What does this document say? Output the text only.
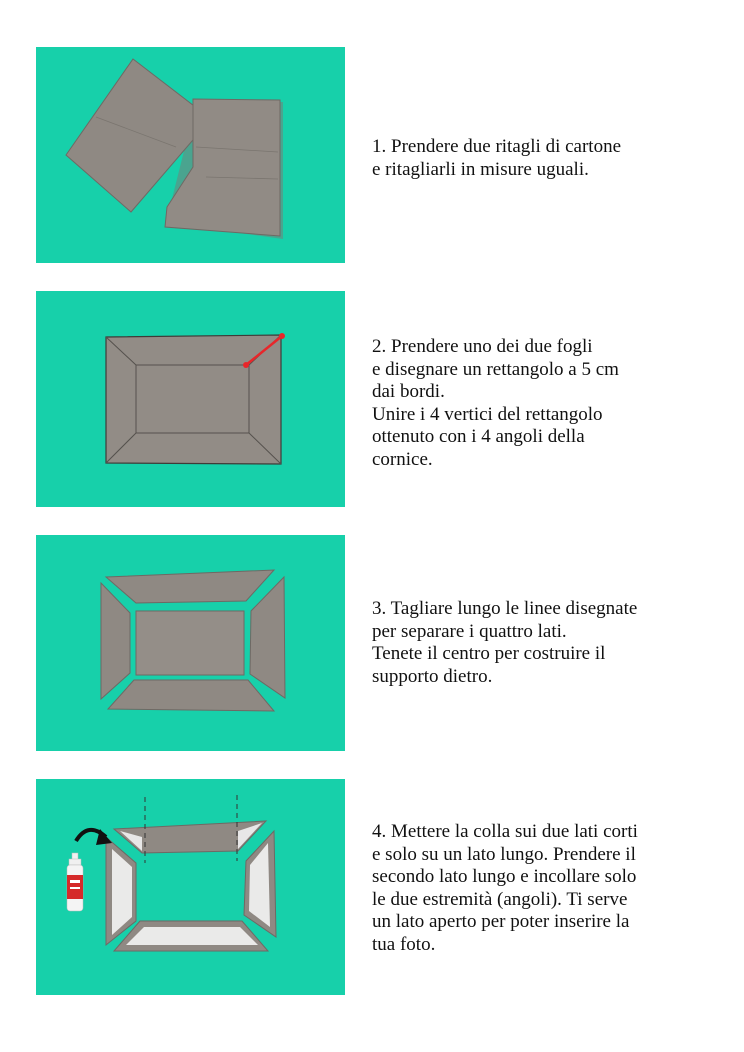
1. Prendere due ritagli di cartone

e ritagliarli in misure uguali.

2. Prendere uno dei due fogli

e disegnare un rettangolo a 5 cm

dai bordi.

Unire i 4 vertici del rettangolo

ottenuto con i 4 angoli della

cornice.

3. Tagliare lungo le linee disegnate

per separare i quattro lati.

Tenete il centro per costruire il

supporto dietro.

4. Mettere la colla sui due lati corti

e solo su un lato lungo. Prendere il

secondo lato lungo e incollare solo

le due estremità (angoli). Ti serve

un lato aperto per poter inserire la

tua foto.
